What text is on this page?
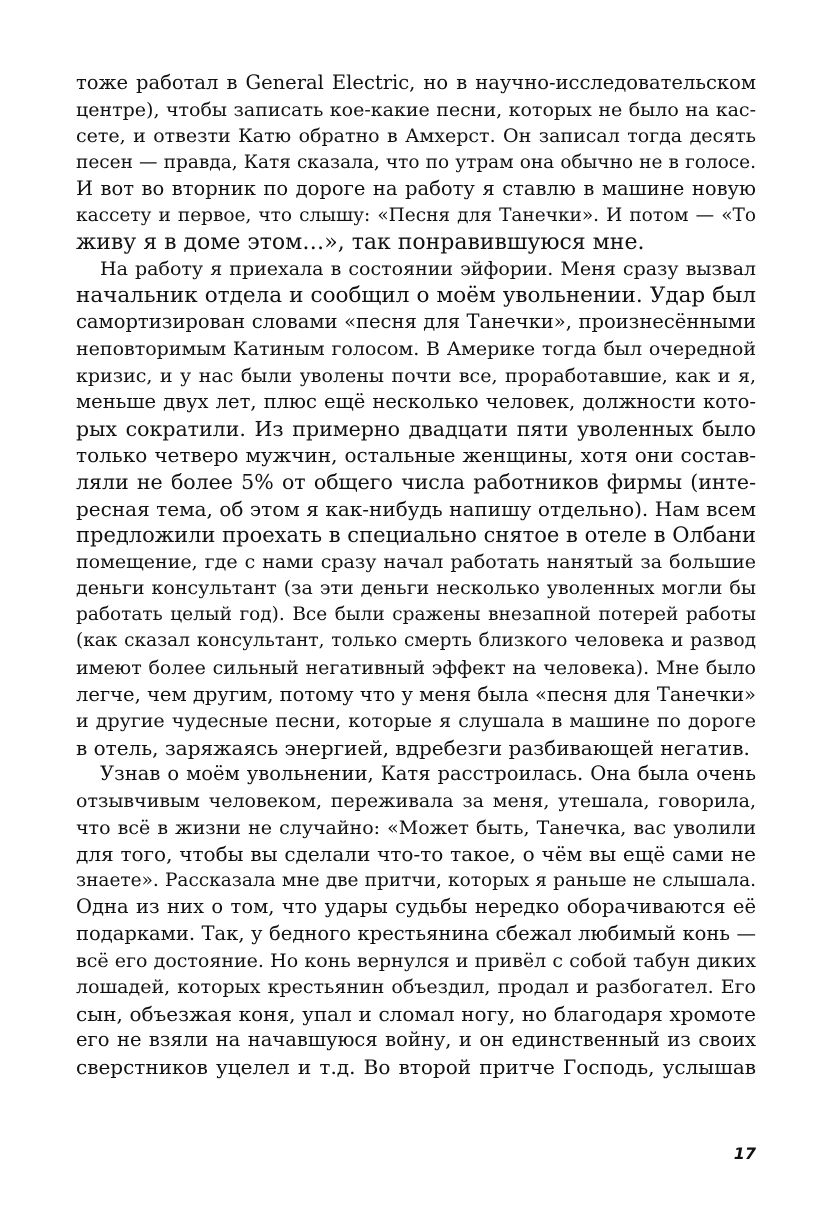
тоже работал в General Electric, но в научно-исследовательском
центре), чтобы записать кое-какие песни, которых не было на кас-
сете, и отвезти Катю обратно в Амхерст. Он записал тогда десять
песен — правда, Катя сказала, что по утрам она обычно не в голосе.
И вот во вторник по дороге на работу я ставлю в машине новую
кассету и первое, что слышу: «Песня для Танечки». И потом — «То
живу я в доме этом…», так понравившуюся мне.
На работу я приехала в состоянии эйфории. Меня сразу вызвал
начальник отдела и сообщил о моём увольнении. Удар был
самортизирован словами «песня для Танечки», произнесёнными
неповторимым Катиным голосом. В Америке тогда был очередной
кризис, и у нас были уволены почти все, проработавшие, как и я,
меньше двух лет, плюс ещё несколько человек, должности кото-
рых сократили. Из примерно двадцати пяти уволенных было
только четверо мужчин, остальные женщины, хотя они состав-
ляли не более 5% от общего числа работников фирмы (инте-
ресная тема, об этом я как-нибудь напишу отдельно). Нам всем
предложили проехать в специально снятое в отеле в Олбани
помещение, где с нами сразу начал работать нанятый за большие
деньги консультант (за эти деньги несколько уволенных могли бы
работать целый год). Все были сражены внезапной потерей работы
(как сказал консультант, только смерть близкого человека и развод
имеют более сильный негативный эффект на человека). Мне было
легче, чем другим, потому что у меня была «песня для Танечки»
и другие чудесные песни, которые я слушала в машине по дороге
в отель, заряжаясь энергией, вдребезги разбивающей негатив.
Узнав о моём увольнении, Катя расстроилась. Она была очень
отзывчивым человеком, переживала за меня, утешала, говорила,
что всё в жизни не случайно: «Может быть, Танечка, вас уволили
для того, чтобы вы сделали что-то такое, о чём вы ещё сами не
знаете». Рассказала мне две притчи, которых я раньше не слышала.
Одна из них о том, что удары судьбы нередко оборачиваются её
подарками. Так, у бедного крестьянина сбежал любимый конь —
всё его достояние. Но конь вернулся и привёл с собой табун диких
лошадей, которых крестьянин объездил, продал и разбогател. Его
сын, объезжая коня, упал и сломал ногу, но благодаря хромоте
его не взяли на начавшуюся войну, и он единственный из своих
сверстников уцелел и т.д. Во второй притче Господь, услышав
17
